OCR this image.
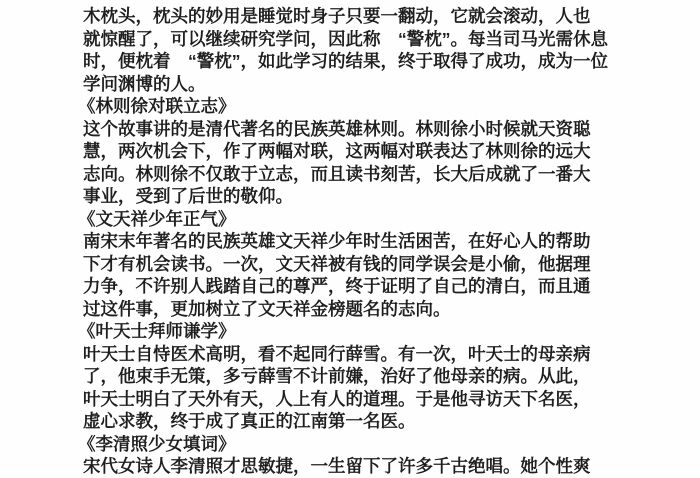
木枕头，枕头的妙用是睡觉时身子只要一翻动，它就会滚动，人也
就惊醒了，可以继续研究学问，因此称　“警枕”。每当司马光需休息
时，便枕着　“警枕”，如此学习的结果，终于取得了成功，成为一位
学问渊博的人。
《林则徐对联立志》
这个故事讲的是清代著名的民族英雄林则。林则徐小时候就天资聪
慧，两次机会下，作了两幅对联，这两幅对联表达了林则徐的远大
志向。林则徐不仅敢于立志，而且读书刻苦，长大后成就了一番大
事业，受到了后世的敬仰。
《文天祥少年正气》
南宋末年著名的民族英雄文天祥少年时生活困苦，在好心人的帮助
下才有机会读书。一次，文天祥被有钱的同学误会是小偷，他据理
力争，不许别人践踏自己的尊严，终于证明了自己的清白，而且通
过这件事，更加树立了文天祥金榜题名的志向。
《叶天士拜师谦学》
叶天士自恃医术高明，看不起同行薛雪。有一次，叶天士的母亲病
了，他束手无策，多亏薛雪不计前嫌，治好了他母亲的病。从此，
叶天士明白了天外有天，人上有人的道理。于是他寻访天下名医，
虚心求教，终于成了真正的江南第一名医。
《李清照少女填词》
宋代女诗人李清照才思敏捷，一生留下了许多千古绝唱。她个性爽
